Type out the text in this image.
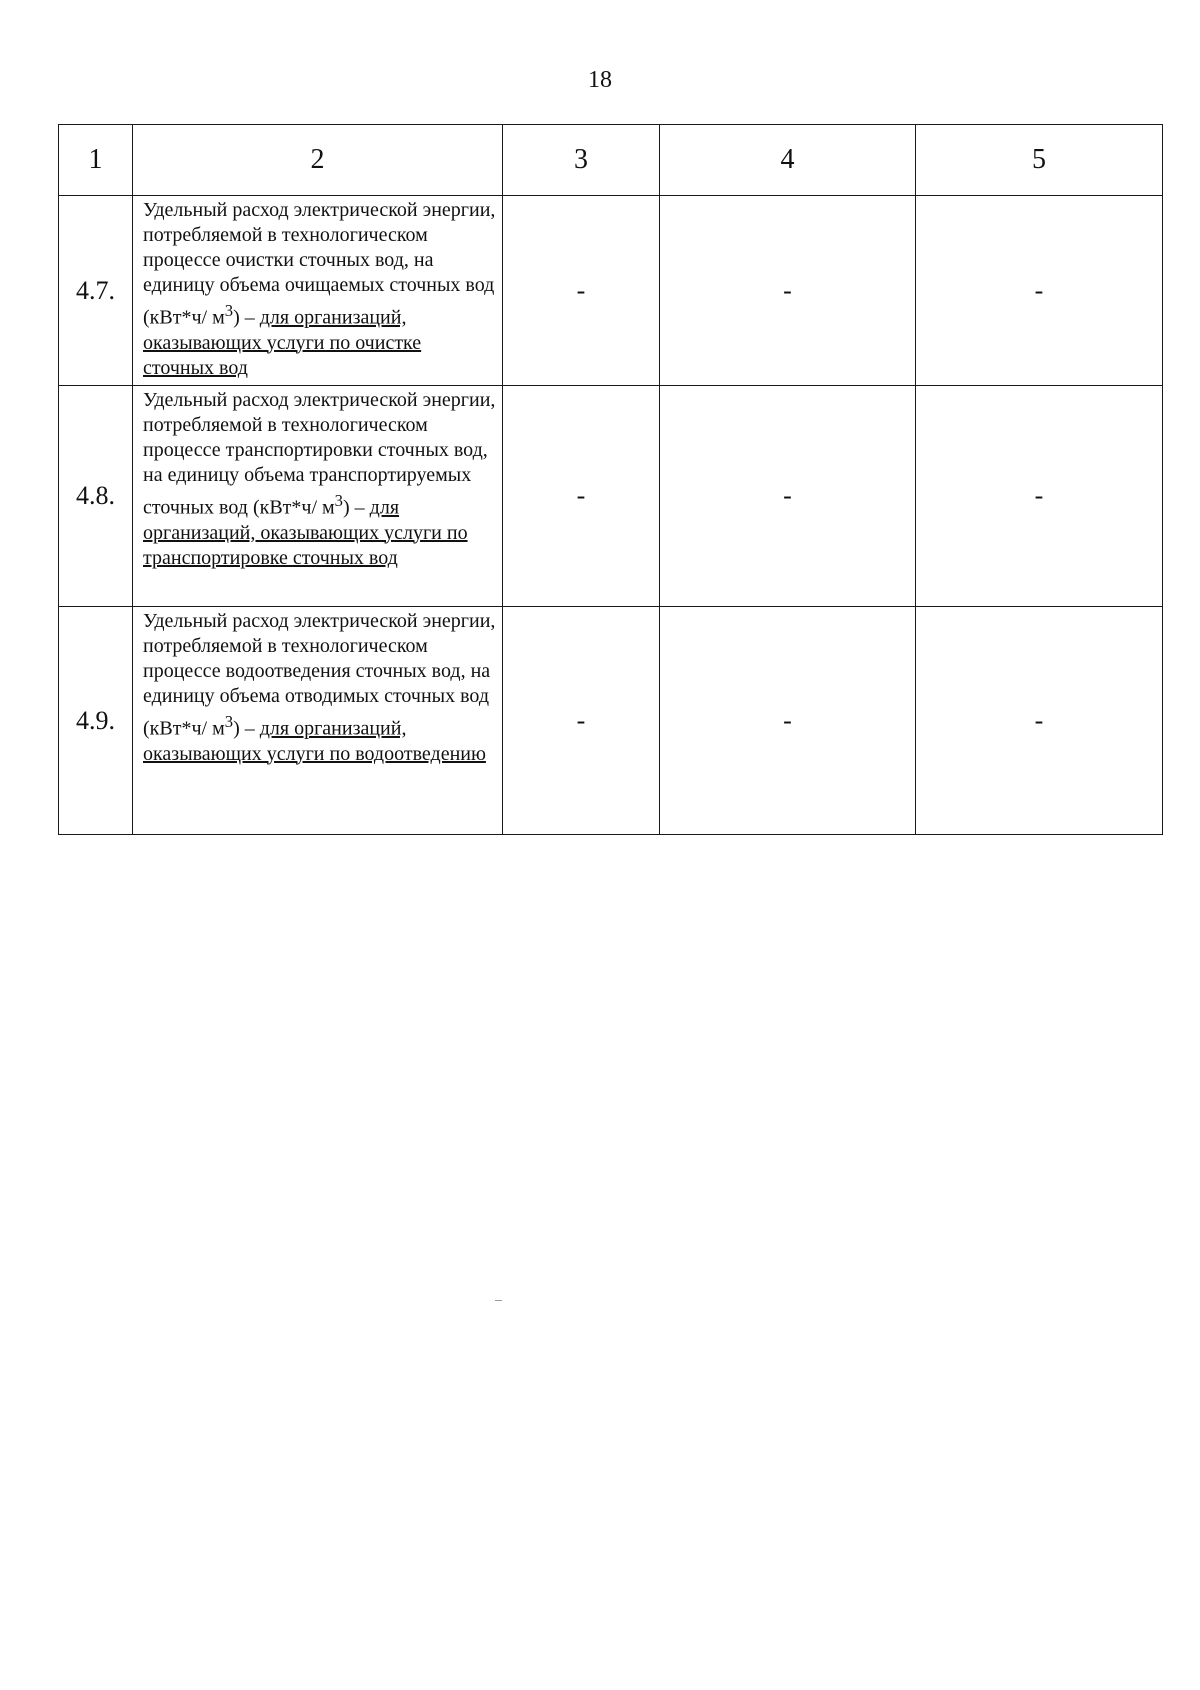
18
1	2	3	4	5
4.7.	Удельный расход электрической энергии, потребляемой в технологическом процессе очистки сточных вод, на единицу объема очищаемых сточных вод (кВт*ч/ $м^3$) – для организаций, оказывающих услуги по очистке сточных вод	-	-	-
4.8.	Удельный расход электрической энергии, потребляемой в технологическом процессе транспортировки сточных вод, на единицу объема транспортируемых сточных вод (кВт*ч/ $м^3$) – для организаций, оказывающих услуги по транспортировке сточных вод	-	-	-
4.9.	Удельный расход электрической энергии, потребляемой в технологическом процессе водоотведения сточных вод, на единицу объема отводимых сточных вод (кВт*ч/ $м^3$) – для организаций, оказывающих услуги по водоотведению	-	-	-
